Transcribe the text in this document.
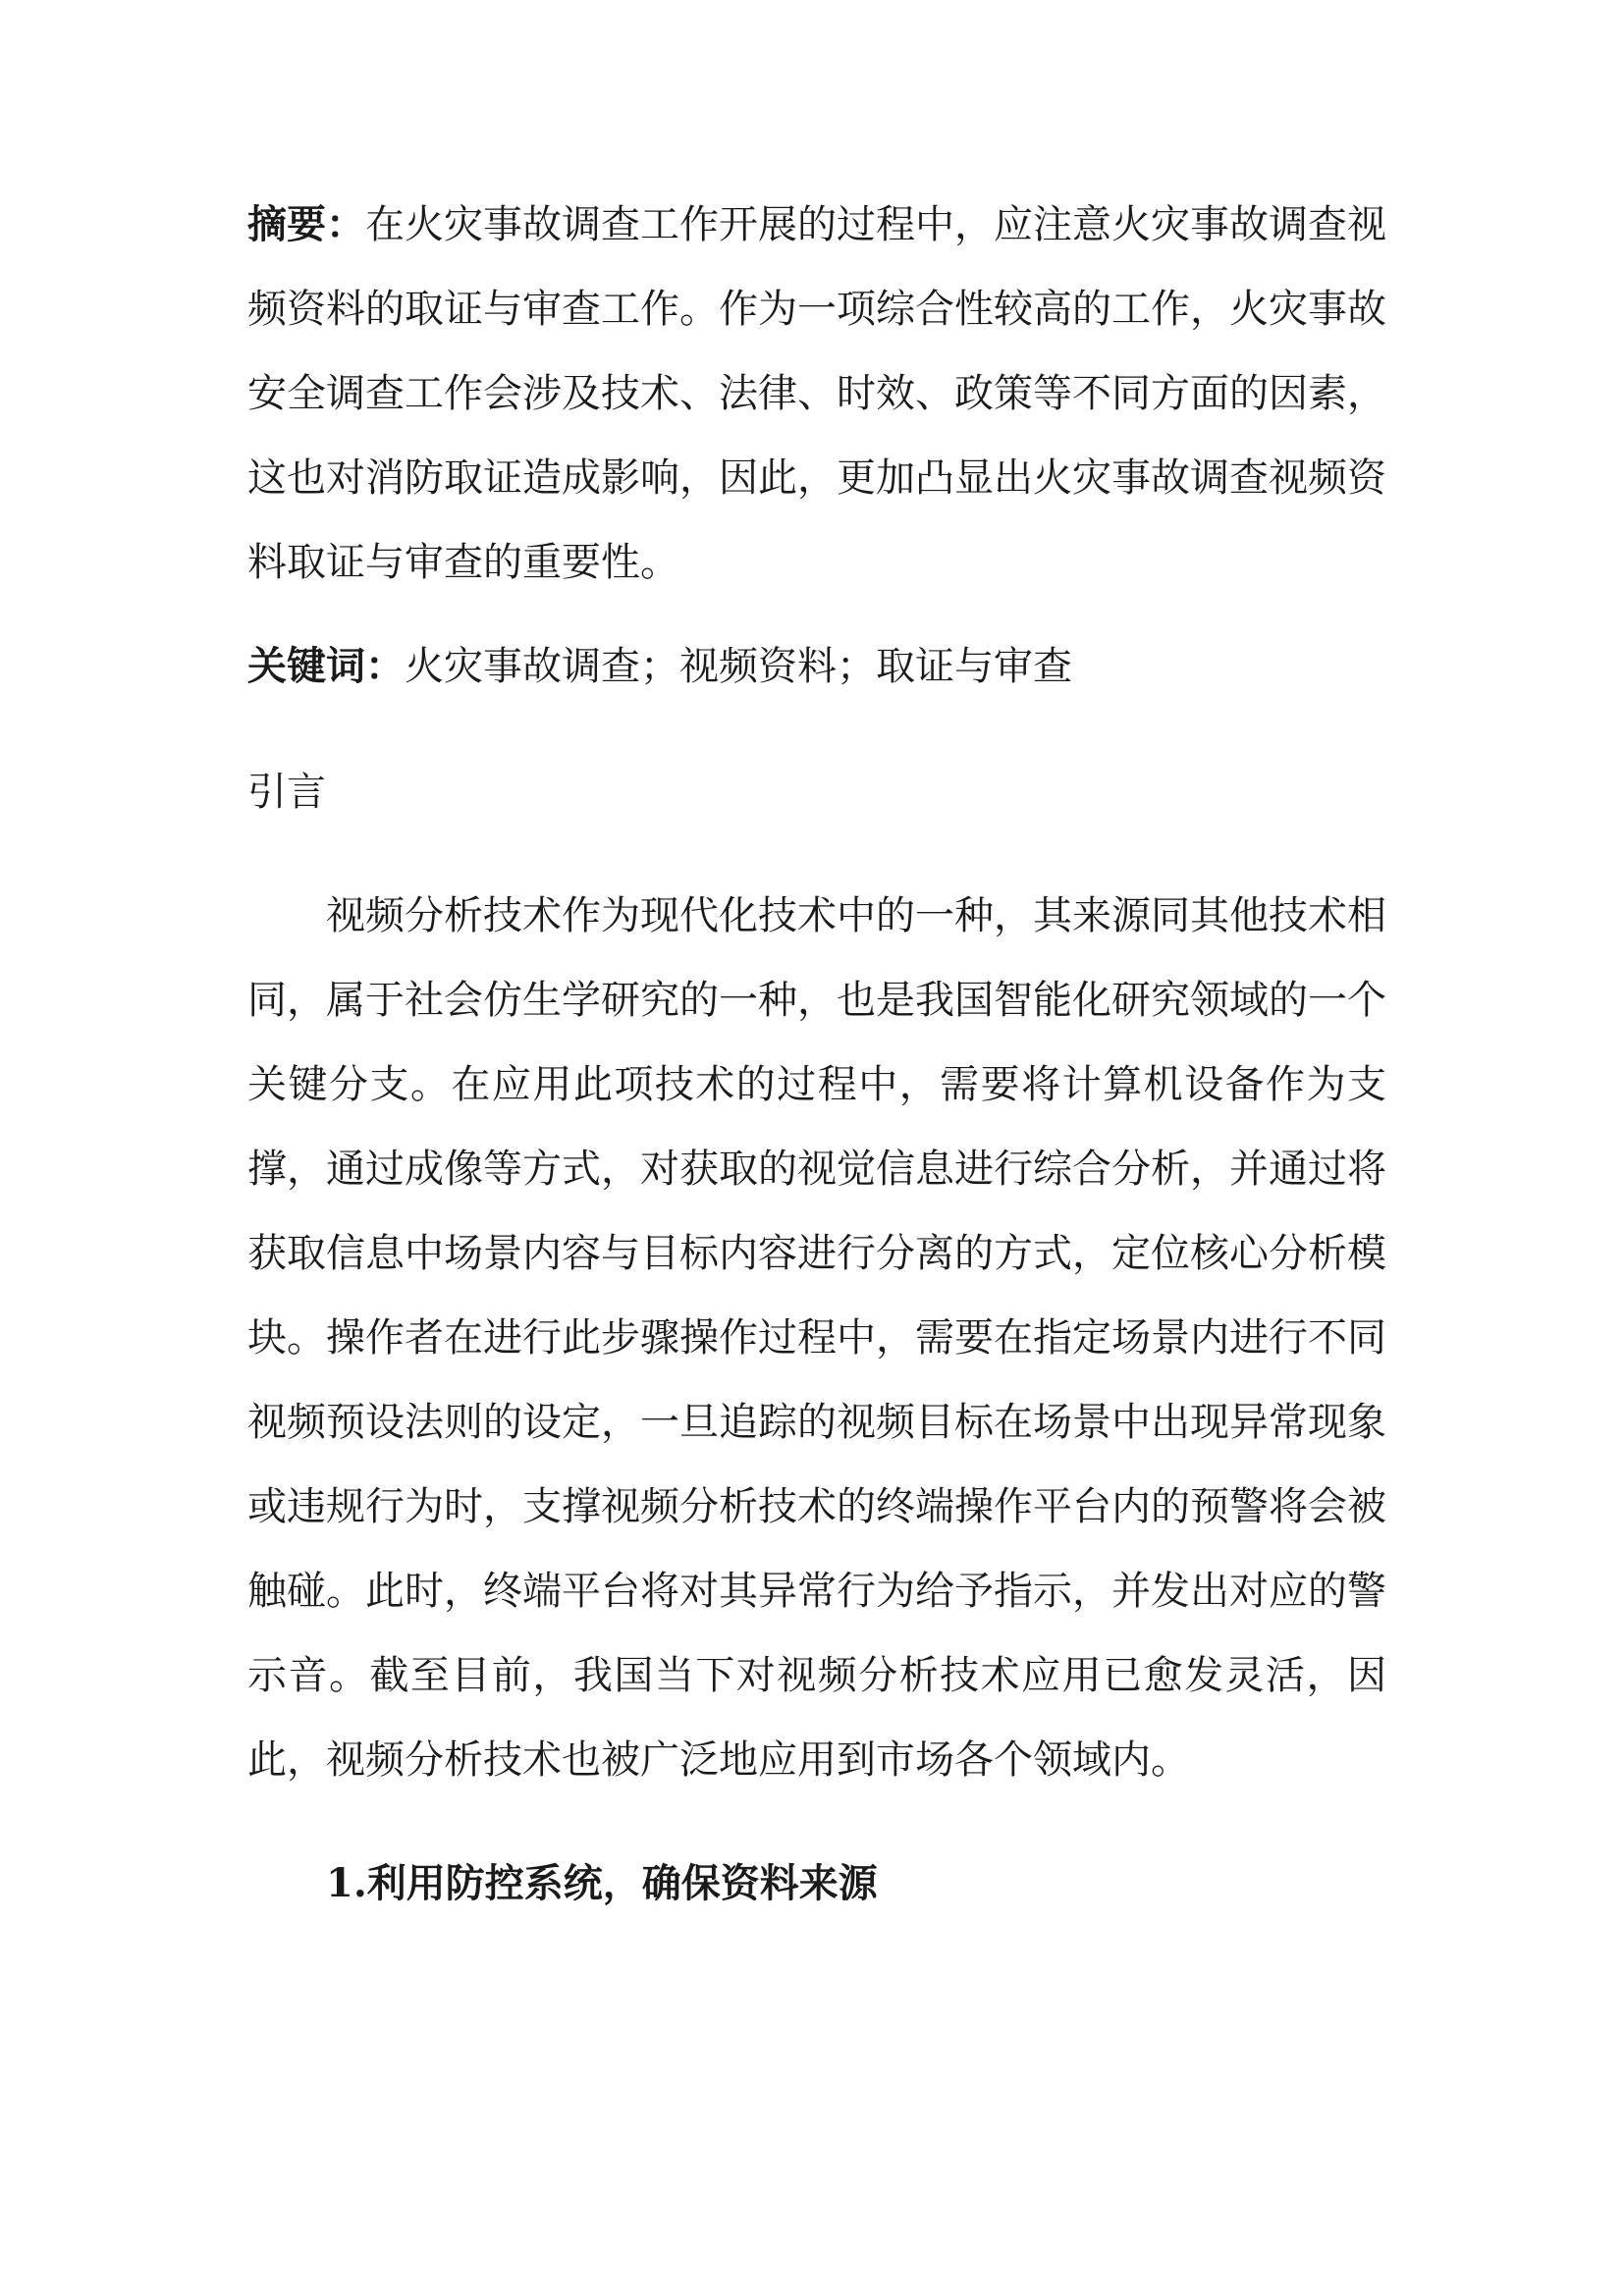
摘要：在火灾事故调查工作开展的过程中，应注意火灾事故调查视频资料的取证与审查工作。作为一项综合性较高的工作，火灾事故安全调查工作会涉及技术、法律、时效、政策等不同方面的因素，这也对消防取证造成影响，因此，更加凸显出火灾事故调查视频资料取证与审查的重要性。

关键词：火灾事故调查；视频资料；取证与审查

引言

视频分析技术作为现代化技术中的一种，其来源同其他技术相同，属于社会仿生学研究的一种，也是我国智能化研究领域的一个关键分支。在应用此项技术的过程中，需要将计算机设备作为支撑，通过成像等方式，对获取的视觉信息进行综合分析，并通过将获取信息中场景内容与目标内容进行分离的方式，定位核心分析模块。操作者在进行此步骤操作过程中，需要在指定场景内进行不同视频预设法则的设定，一旦追踪的视频目标在场景中出现异常现象或违规行为时，支撑视频分析技术的终端操作平台内的预警将会被触碰。此时，终端平台将对其异常行为给予指示，并发出对应的警示音。截至目前，我国当下对视频分析技术应用已愈发灵活，因此，视频分析技术也被广泛地应用到市场各个领域内。

1.利用防控系统，确保资料来源
